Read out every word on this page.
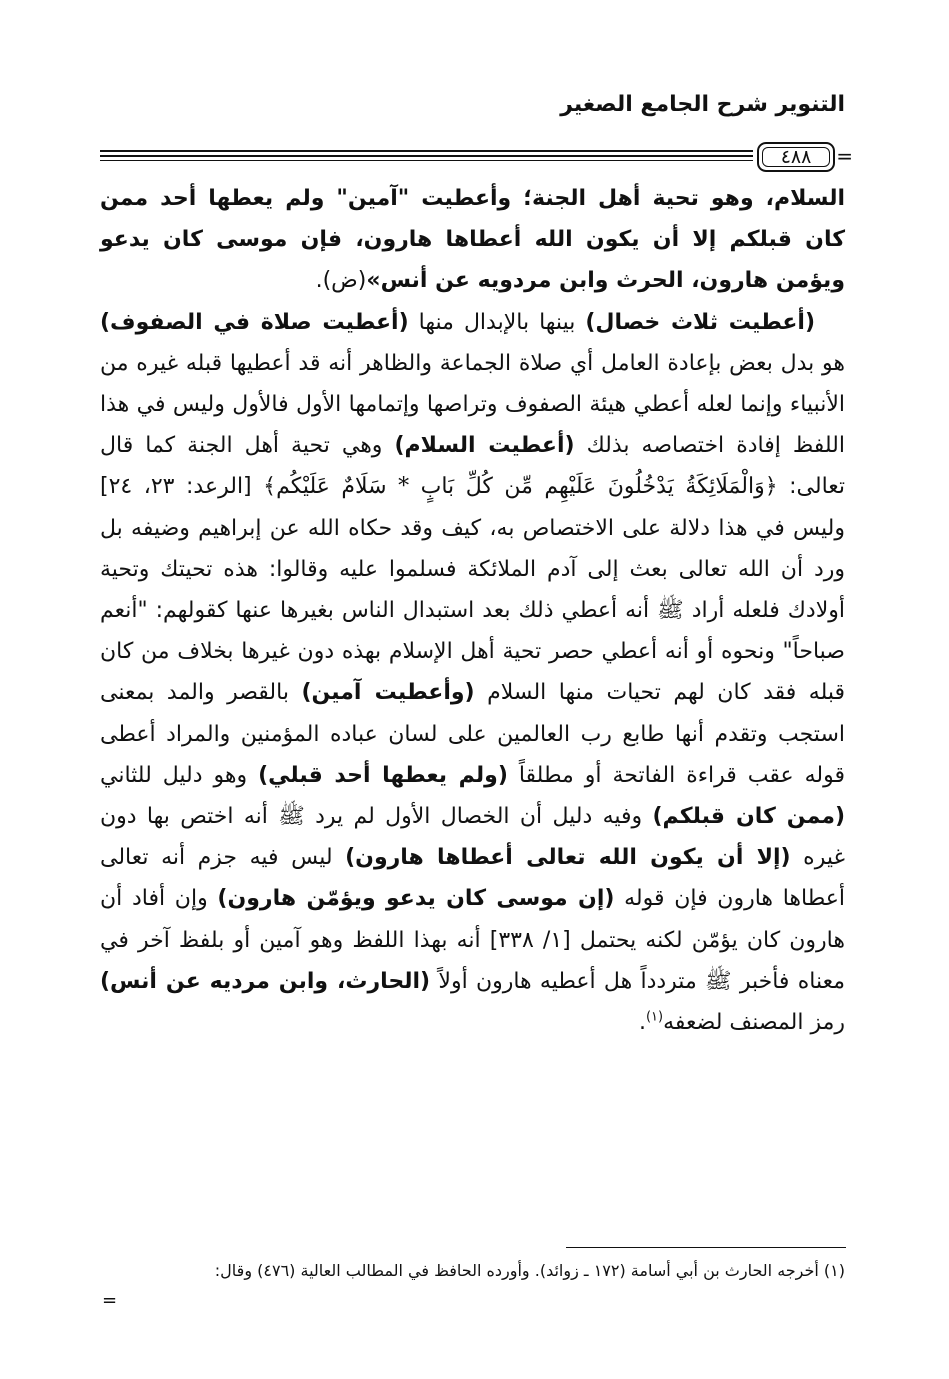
التنوير شرح الجامع الصغير
٤٨٨ =

السلام، وهو تحية أهل الجنة؛ وأعطيت "آمين" ولم يعطها أحد ممن كان قبلكم إلا أن يكون الله أعطاها هارون، فإن موسى كان يدعو ويؤمن هارون، الحرث وابن مردويه عن أنس»(ض).

(أعطيت ثلاث خصال) بينها بالإبدال منها (أعطيت صلاة في الصفوف) هو بدل بعض بإعادة العامل أي صلاة الجماعة والظاهر أنه قد أعطيها قبله غيره من الأنبياء وإنما لعله أعطي هيئة الصفوف وتراصها وإتمامها الأول فالأول وليس في هذا اللفظ إفادة اختصاصه بذلك (أعطيت السلام) وهي تحية أهل الجنة كما قال تعالى: ﴿وَالْمَلَائِكَةُ يَدْخُلُونَ عَلَيْهِم مِّن كُلِّ بَابٍ * سَلَامٌ عَلَيْكُم﴾ [الرعد: ٢٣، ٢٤] وليس في هذا دلالة على الاختصاص به، كيف وقد حكاه الله عن إبراهيم وضيفه بل ورد أن الله تعالى بعث إلى آدم الملائكة فسلموا عليه وقالوا: هذه تحيتك وتحية أولادك فلعله أراد ﷺ أنه أعطي ذلك بعد استبدال الناس بغيرها عنها كقولهم: "أنعم صباحاً" ونحوه أو أنه أعطي حصر تحية أهل الإسلام بهذه دون غيرها بخلاف من كان قبله فقد كان لهم تحيات منها السلام (وأعطيت آمين) بالقصر والمد بمعنى استجب وتقدم أنها طابع رب العالمين على لسان عباده المؤمنين والمراد أعطى قوله عقب قراءة الفاتحة أو مطلقاً (ولم يعطها أحد قبلي) وهو دليل للثاني (ممن كان قبلكم) وفيه دليل أن الخصال الأول لم يرد ﷺ أنه اختص بها دون غيره (إلا أن يكون الله تعالى أعطاها هارون) ليس فيه جزم أنه تعالى أعطاها هارون فإن قوله (إن موسى كان يدعو ويؤمّن هارون) وإن أفاد أن هارون كان يؤمّن لكنه يحتمل [١/ ٣٣٨] أنه بهذا اللفظ وهو آمين أو بلفظ آخر في معناه فأخبر ﷺ متردداً هل أعطيه هارون أولاً (الحارث، وابن مرديه عن أنس) رمز المصنف لضعفه$^{(١)}$.

(١) أخرجه الحارث بن أبي أسامة (١٧٢ ـ زوائد). وأورده الحافظ في المطالب العالية (٤٧٦) وقال:
=
